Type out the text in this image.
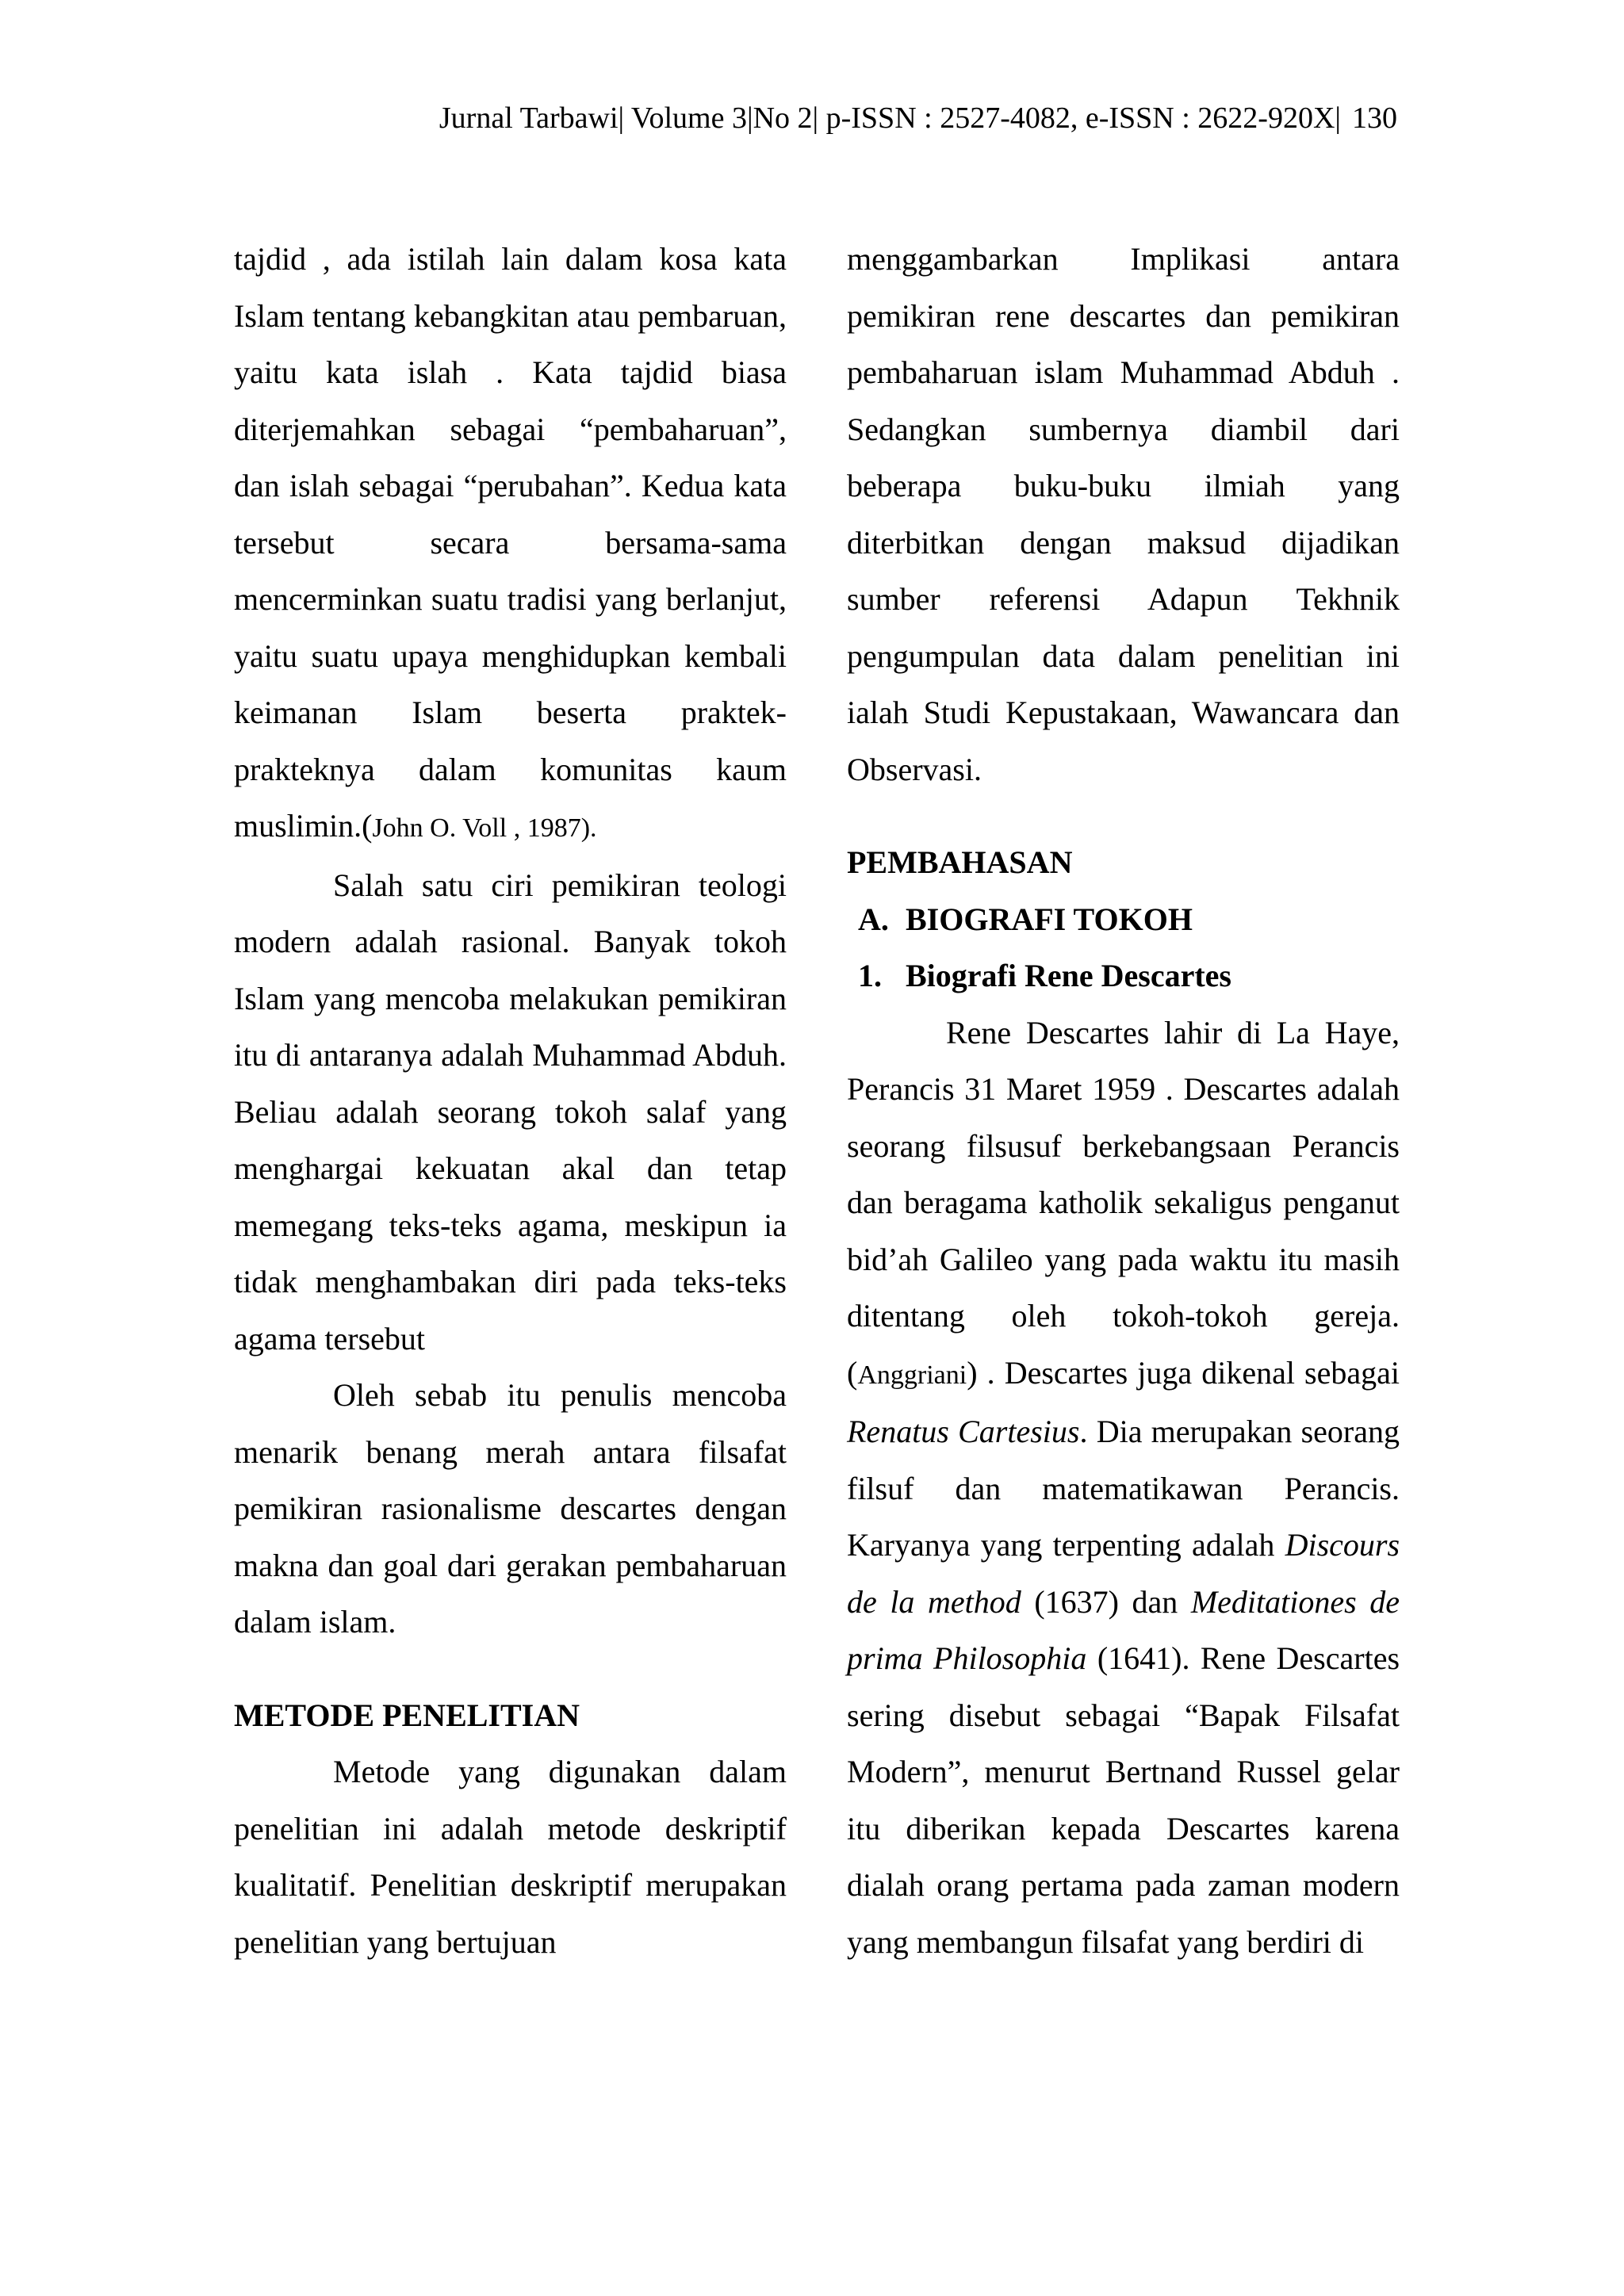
Jurnal Tarbawi| Volume 3|No 2| p-ISSN : 2527-4082, e-ISSN : 2622-920X| 130

tajdid , ada istilah lain dalam kosa kata Islam tentang kebangkitan atau pembaruan, yaitu kata islah . Kata tajdid biasa diterjemahkan sebagai “pembaharuan”, dan islah sebagai “perubahan”. Kedua kata tersebut secara bersama-sama mencerminkan suatu tradisi yang berlanjut, yaitu suatu upaya menghidupkan kembali keimanan Islam beserta praktek-prakteknya dalam komunitas kaum muslimin.(John O. Voll , 1987).

Salah satu ciri pemikiran teologi modern adalah rasional. Banyak tokoh Islam yang mencoba melakukan pemikiran itu di antaranya adalah Muhammad Abduh. Beliau adalah seorang tokoh salaf yang menghargai kekuatan akal dan tetap memegang teks-teks agama, meskipun ia tidak menghambakan diri pada teks-teks agama tersebut

Oleh sebab itu penulis mencoba menarik benang merah antara filsafat pemikiran rasionalisme descartes dengan makna dan goal dari gerakan pembaharuan dalam islam.

METODE PENELITIAN

Metode yang digunakan dalam penelitian ini adalah metode deskriptif kualitatif. Penelitian deskriptif merupakan penelitian yang bertujuan

menggambarkan Implikasi antara pemikiran rene descartes dan pemikiran pembaharuan islam Muhammad Abduh . Sedangkan sumbernya diambil dari beberapa buku-buku ilmiah yang diterbitkan dengan maksud dijadikan sumber referensi Adapun Tekhnik pengumpulan data dalam penelitian ini ialah Studi Kepustakaan, Wawancara dan Observasi.

PEMBAHASAN
A. BIOGRAFI TOKOH
1. Biografi Rene Descartes

Rene Descartes lahir di La Haye, Perancis 31 Maret 1959 . Descartes adalah seorang filsusuf berkebangsaan Perancis dan beragama katholik sekaligus penganut bid’ah Galileo yang pada waktu itu masih ditentang oleh tokoh-tokoh gereja.(Anggriani) . Descartes juga dikenal sebagai Renatus Cartesius. Dia merupakan seorang filsuf dan matematikawan Perancis. Karyanya yang terpenting adalah Discours de la method (1637) dan Meditationes de prima Philosophia (1641). Rene Descartes sering disebut sebagai “Bapak Filsafat Modern”, menurut Bertnand Russel gelar itu diberikan kepada Descartes karena dialah orang pertama pada zaman modern yang membangun filsafat yang berdiri di
